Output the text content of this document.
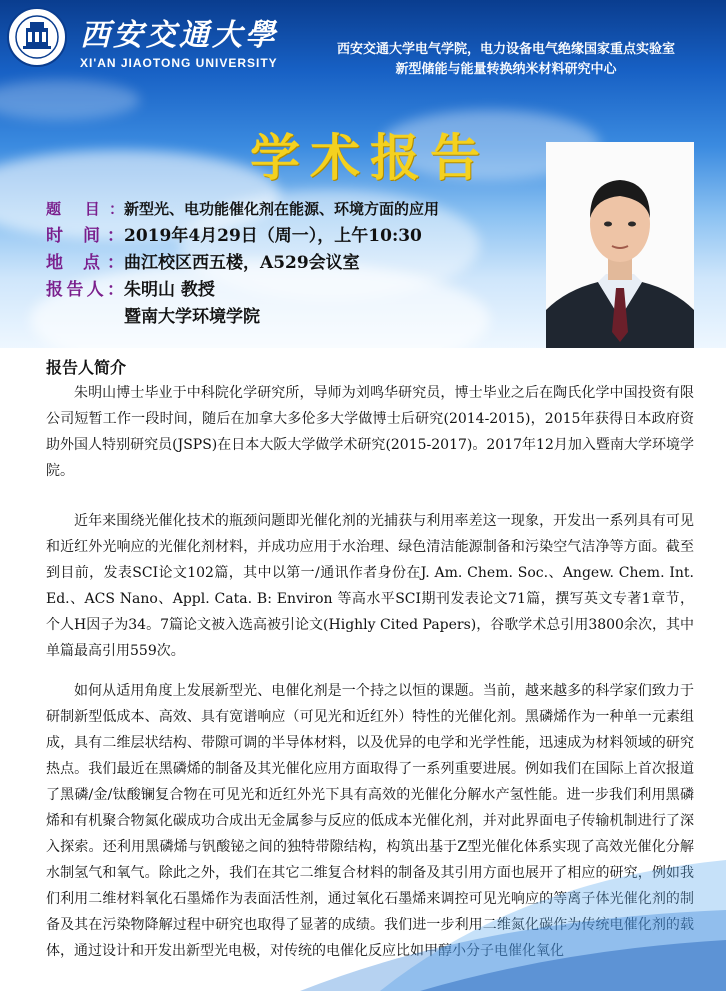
西安交通大學
XI'AN JIAOTONG UNIVERSITY
西安交通大学电气学院，电力设备电气绝缘国家重点实验室
新型储能与能量转换纳米材料研究中心
学术报告
题 目：新型光、电功能催化剂在能源、环境方面的应用
时 间：2019年4月29日（周一），上午10:30
地 点：曲江校区西五楼，A529会议室
报告人：朱明山 教授
暨南大学环境学院
报告人简介
朱明山博士毕业于中科院化学研究所，导师为刘鸣华研究员，博士毕业之后在陶氏化学中国投资有限公司短暂工作一段时间，随后在加拿大多伦多大学做博士后研究(2014-2015)，2015年获得日本政府资助外国人特别研究员(JSPS)在日本大阪大学做学术研究(2015-2017)。2017年12月加入暨南大学环境学院。
近年来围绕光催化技术的瓶颈问题即光催化剂的光捕获与利用率差这一现象，开发出一系列具有可见和近红外光响应的光催化剂材料，并成功应用于水治理、绿色清洁能源制备和污染空气洁净等方面。截至到目前，发表SCI论文102篇，其中以第一/通讯作者身份在J. Am. Chem. Soc.、Angew. Chem. Int. Ed.、ACS Nano、Appl. Cata. B: Environ 等高水平SCI期刊发表论文71篇，撰写英文专著1章节，个人H因子为34。7篇论文被入选高被引论文(Highly Cited Papers)，谷歌学术总引用3800余次，其中单篇最高引用559次。
如何从适用角度上发展新型光、电催化剂是一个持之以恒的课题。当前，越来越多的科学家们致力于研制新型低成本、高效、具有宽谱响应（可见光和近红外）特性的光催化剂。黑磷烯作为一种单一元素组成，具有二维层状结构、带隙可调的半导体材料，以及优异的电学和光学性能，迅速成为材料领域的研究热点。我们最近在黑磷烯的制备及其光催化应用方面取得了一系列重要进展。例如我们在国际上首次报道了黑磷/金/钛酸镧复合物在可见光和近红外光下具有高效的光催化分解水产氢性能。进一步我们利用黑磷烯和有机聚合物氮化碳成功合成出无金属参与反应的低成本光催化剂，并对此界面电子传输机制进行了深入探索。还利用黑磷烯与钒酸铋之间的独特带隙结构，构筑出基于Z型光催化体系实现了高效光催化分解水制氢气和氧气。除此之外，我们在其它二维复合材料的制备及其引用方面也展开了相应的研究，例如我们利用二维材料氧化石墨烯作为表面活性剂，通过氧化石墨烯来调控可见光响应的等离子体光催化剂的制备及其在污染物降解过程中研究也取得了显著的成绩。我们进一步利用二维氮化碳作为传统电催化剂的载体，通过设计和开发出新型光电极，对传统的电催化反应比如甲醇小分子电催化氧化
